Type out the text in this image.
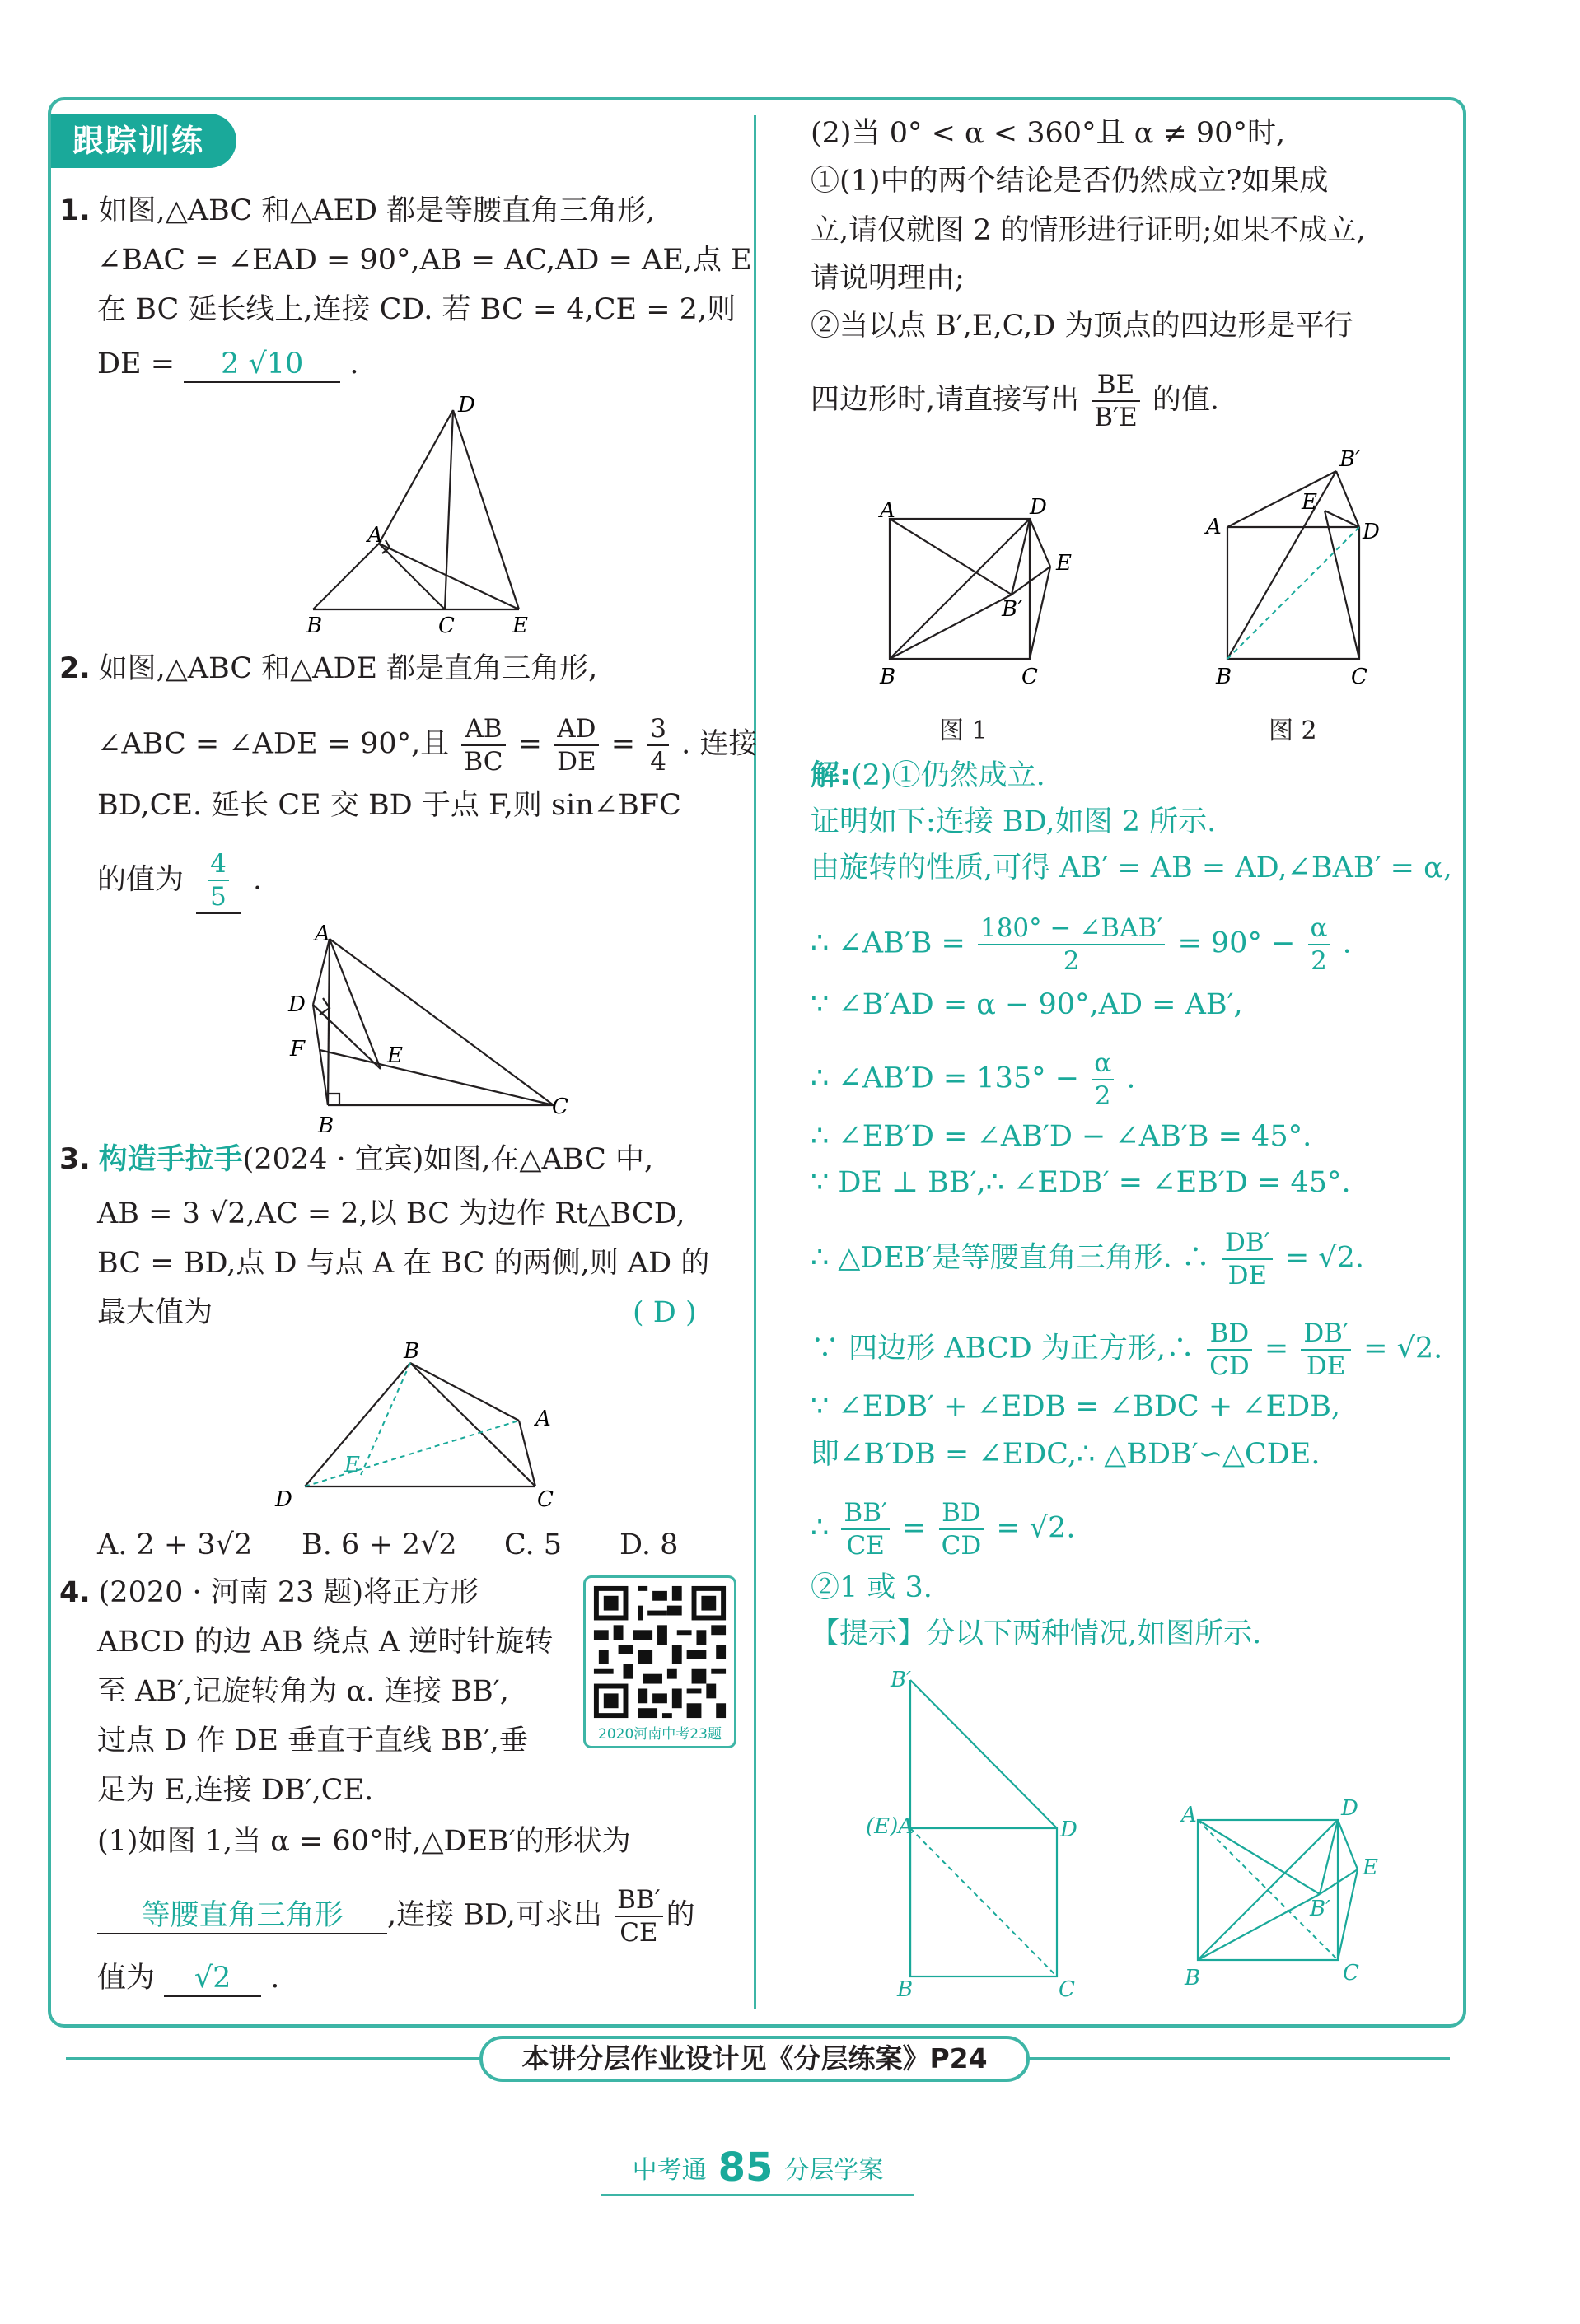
跟踪训练
1. 如图,△ABC 和△AED 都是等腰直角三角形,
∠BAC = ∠EAD = 90°,AB = AC,AD = AE,点 E
在 BC 延长线上,连接 CD. 若 BC = 4,CE = 2,则
DE = 2 √10 .
A
B	C
D
E
2. 如图,△ABC 和△ADE 都是直角三角形,
∠ABC = ∠ADE = 90°,且 $\frac{AB}{BC} = \frac{AD}{DE} = \frac{3}{4}$ . 连接
BD,CE. 延长 CE 交 BD 于点 F,则 sin∠BFC
的值为 $\frac{4}{5}$ .
A
B
C
D
E
F
3. 构造手拉手(2024 · 宜宾)如图,在△ABC 中,
AB = 3 √2,AC = 2,以 BC 为边作 Rt△BCD,
BC = BD,点 D 与点 A 在 BC 的两侧,则 AD 的
最大值为	( D )
B
A
C
D
E
A. 2 + 3√2 B. 6 + 2√2 C. 5 D. 8
4. (2020 · 河南 23 题)将正方形
ABCD 的边 AB 绕点 A 逆时针旋转
至 AB′,记旋转角为 α. 连接 BB′,
过点 D 作 DE 垂直于直线 BB′,垂
足为 E,连接 DB′,CE.
2020河南中考23题
(1)如图 1,当 α = 60°时,△DEB′的形状为
等腰直角三角形 ,连接 BD,可求出 $\frac{BB'}{CE}$ 的
值为 √2 .
(2)当 0° < α < 360°且 α ≠ 90°时,
①(1)中的两个结论是否仍然成立?如果成
立,请仅就图 2 的情形进行证明;如果不成立,
请说明理由;
②当以点 B′,E,C,D 为顶点的四边形是平行
四边形时,请直接写出 $\frac{BE}{B'E}$ 的值.
A
B	C
D
E
B′
图 1
A
B	C
D
E
B′
图 2
解:(2)①仍然成立.
证明如下:连接 BD,如图 2 所示.
由旋转的性质,可得 AB′ = AB = AD,∠BAB′ = α,
∴ ∠AB′B = $\frac{\text{180° − ∠BAB′}}{2} = 90^\circ - \frac{\alpha}{2}$ .
∵ ∠B′AD = α − 90°,AD = AB′,
∴ ∠AB′D = $135^\circ - \frac{\alpha}{2}$ .
∴ ∠EB′D = ∠AB′D − ∠AB′B = 45°.
∵ DE ⊥ BB′,∴ ∠EDB′ = ∠EB′D = 45°.
∴ △DEB′是等腰直角三角形. ∴ $\frac{DB'}{DE} = √2$.
∵ 四边形 ABCD 为正方形,∴ $\frac{BD}{CD} = \frac{DB'}{DE} = √2$.
∵ ∠EDB′ + ∠EDB = ∠BDC + ∠EDB,
即∠B′DB = ∠EDC,∴ △BDB′∽△CDE.
∴ $\frac{BB'}{CE} = \frac{BD}{CD} = √2$.
②1 或 3.
【提示】分以下两种情况,如图所示.
B′
(E)A	D
B	C
A
B	C
D
E
B′
本讲分层作业设计见《分层练案》P24
中考通 85 分层学案
